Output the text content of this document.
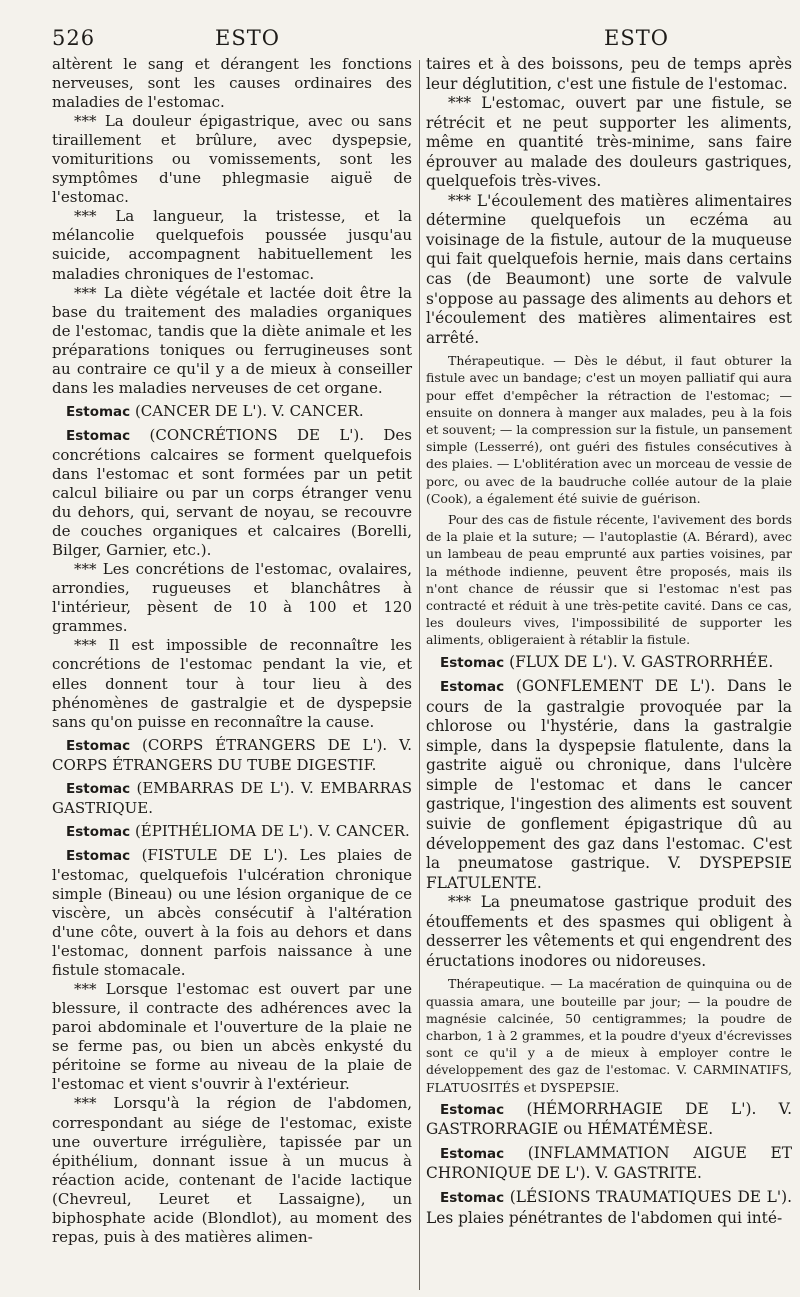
526	ESTO	ESTO

altèrent le sang et dérangent les fonctions nerveuses, sont les causes ordinaires des maladies de l'estomac.

*** La douleur épigastrique, avec ou sans tiraillement et brûlure, avec dyspepsie, vomituritions ou vomissements, sont les symptômes d'une phlegmasie aiguë de l'estomac.

*** La langueur, la tristesse, et la mélancolie quelquefois poussée jusqu'au suicide, accompagnent habituellement les maladies chroniques de l'estomac.

*** La diète végétale et lactée doit être la base du traitement des maladies organiques de l'estomac, tandis que la diète animale et les préparations toniques ou ferrugineuses sont au contraire ce qu'il y a de mieux à conseiller dans les maladies nerveuses de cet organe.

Estomac (CANCER DE L'). V. CANCER.

Estomac (CONCRÉTIONS DE L'). Des concrétions calcaires se forment quelquefois dans l'estomac et sont formées par un petit calcul biliaire ou par un corps étranger venu du dehors, qui, servant de noyau, se recouvre de couches organiques et calcaires (Borelli, Bilger, Garnier, etc.).

*** Les concrétions de l'estomac, ovalaires, arrondies, rugueuses et blanchâtres à l'intérieur, pèsent de 10 à 100 et 120 grammes.

*** Il est impossible de reconnaître les concrétions de l'estomac pendant la vie, et elles donnent tour à tour lieu à des phénomènes de gastralgie et de dyspepsie sans qu'on puisse en reconnaître la cause.

Estomac (CORPS ÉTRANGERS DE L'). V. CORPS ÉTRANGERS DU TUBE DIGESTIF.

Estomac (EMBARRAS DE L'). V. EMBARRAS GASTRIQUE.

Estomac (ÉPITHÉLIOMA DE L'). V. CANCER.

Estomac (FISTULE DE L'). Les plaies de l'estomac, quelquefois l'ulcération chronique simple (Bineau) ou une lésion organique de ce viscère, un abcès consécutif à l'altération d'une côte, ouvert à la fois au dehors et dans l'estomac, donnent parfois naissance à une fistule stomacale.

*** Lorsque l'estomac est ouvert par une blessure, il contracte des adhérences avec la paroi abdominale et l'ouverture de la plaie ne se ferme pas, ou bien un abcès enkysté du péritoine se forme au niveau de la plaie de l'estomac et vient s'ouvrir à l'extérieur.

*** Lorsqu'à la région de l'abdomen, correspondant au siége de l'estomac, existe une ouverture irrégulière, tapissée par un épithélium, donnant issue à un mucus à réaction acide, contenant de l'acide lactique (Chevreul, Leuret et Lassaigne), un biphosphate acide (Blondlot), au moment des repas, puis à des matières alimen-

taires et à des boissons, peu de temps après leur déglutition, c'est une fistule de l'estomac.

*** L'estomac, ouvert par une fistule, se rétrécit et ne peut supporter les aliments, même en quantité très-minime, sans faire éprouver au malade des douleurs gastriques, quelquefois très-vives.

*** L'écoulement des matières alimentaires détermine quelquefois un eczéma au voisinage de la fistule, autour de la muqueuse qui fait quelquefois hernie, mais dans certains cas (de Beaumont) une sorte de valvule s'oppose au passage des aliments au dehors et l'écoulement des matières alimentaires est arrêté.

Thérapeutique. — Dès le début, il faut obturer la fistule avec un bandage; c'est un moyen palliatif qui aura pour effet d'empêcher la rétraction de l'estomac; — ensuite on donnera à manger aux malades, peu à la fois et souvent; — la compression sur la fistule, un pansement simple (Lesserré), ont guéri des fistules consécutives à des plaies. — L'oblitération avec un morceau de vessie de porc, ou avec de la baudruche collée autour de la plaie (Cook), a également été suivie de guérison.

Pour des cas de fistule récente, l'avivement des bords de la plaie et la suture; — l'autoplastie (A. Bérard), avec un lambeau de peau emprunté aux parties voisines, par la méthode indienne, peuvent être proposés, mais ils n'ont chance de réussir que si l'estomac n'est pas contracté et réduit à une très-petite cavité. Dans ce cas, les douleurs vives, l'impossibilité de supporter les aliments, obligeraient à rétablir la fistule.

Estomac (FLUX DE L'). V. GASTRORRHÉE.

Estomac (GONFLEMENT DE L'). Dans le cours de la gastralgie provoquée par la chlorose ou l'hystérie, dans la gastralgie simple, dans la dyspepsie flatulente, dans la gastrite aiguë ou chronique, dans l'ulcère simple de l'estomac et dans le cancer gastrique, l'ingestion des aliments est souvent suivie de gonflement épigastrique dû au développement des gaz dans l'estomac. C'est la pneumatose gastrique. V. DYSPEPSIE FLATULENTE.

*** La pneumatose gastrique produit des étouffements et des spasmes qui obligent à desserrer les vêtements et qui engendrent des éructations inodores ou nidoreuses.

Thérapeutique. — La macération de quinquina ou de quassia amara, une bouteille par jour; — la poudre de magnésie calcinée, 50 centigrammes; la poudre de charbon, 1 à 2 grammes, et la poudre d'yeux d'écrevisses sont ce qu'il y a de mieux à employer contre le développement des gaz de l'estomac. V. CARMINATIFS, FLATUOSITÉS et DYSPEPSIE.

Estomac (HÉMORRHAGIE DE L'). V. GASTRORRAGIE ou HÉMATÉMÈSE.

Estomac (INFLAMMATION AIGUE ET CHRONIQUE DE L'). V. GASTRITE.

Estomac (LÉSIONS TRAUMATIQUES DE L'). Les plaies pénétrantes de l'abdomen qui inté-
